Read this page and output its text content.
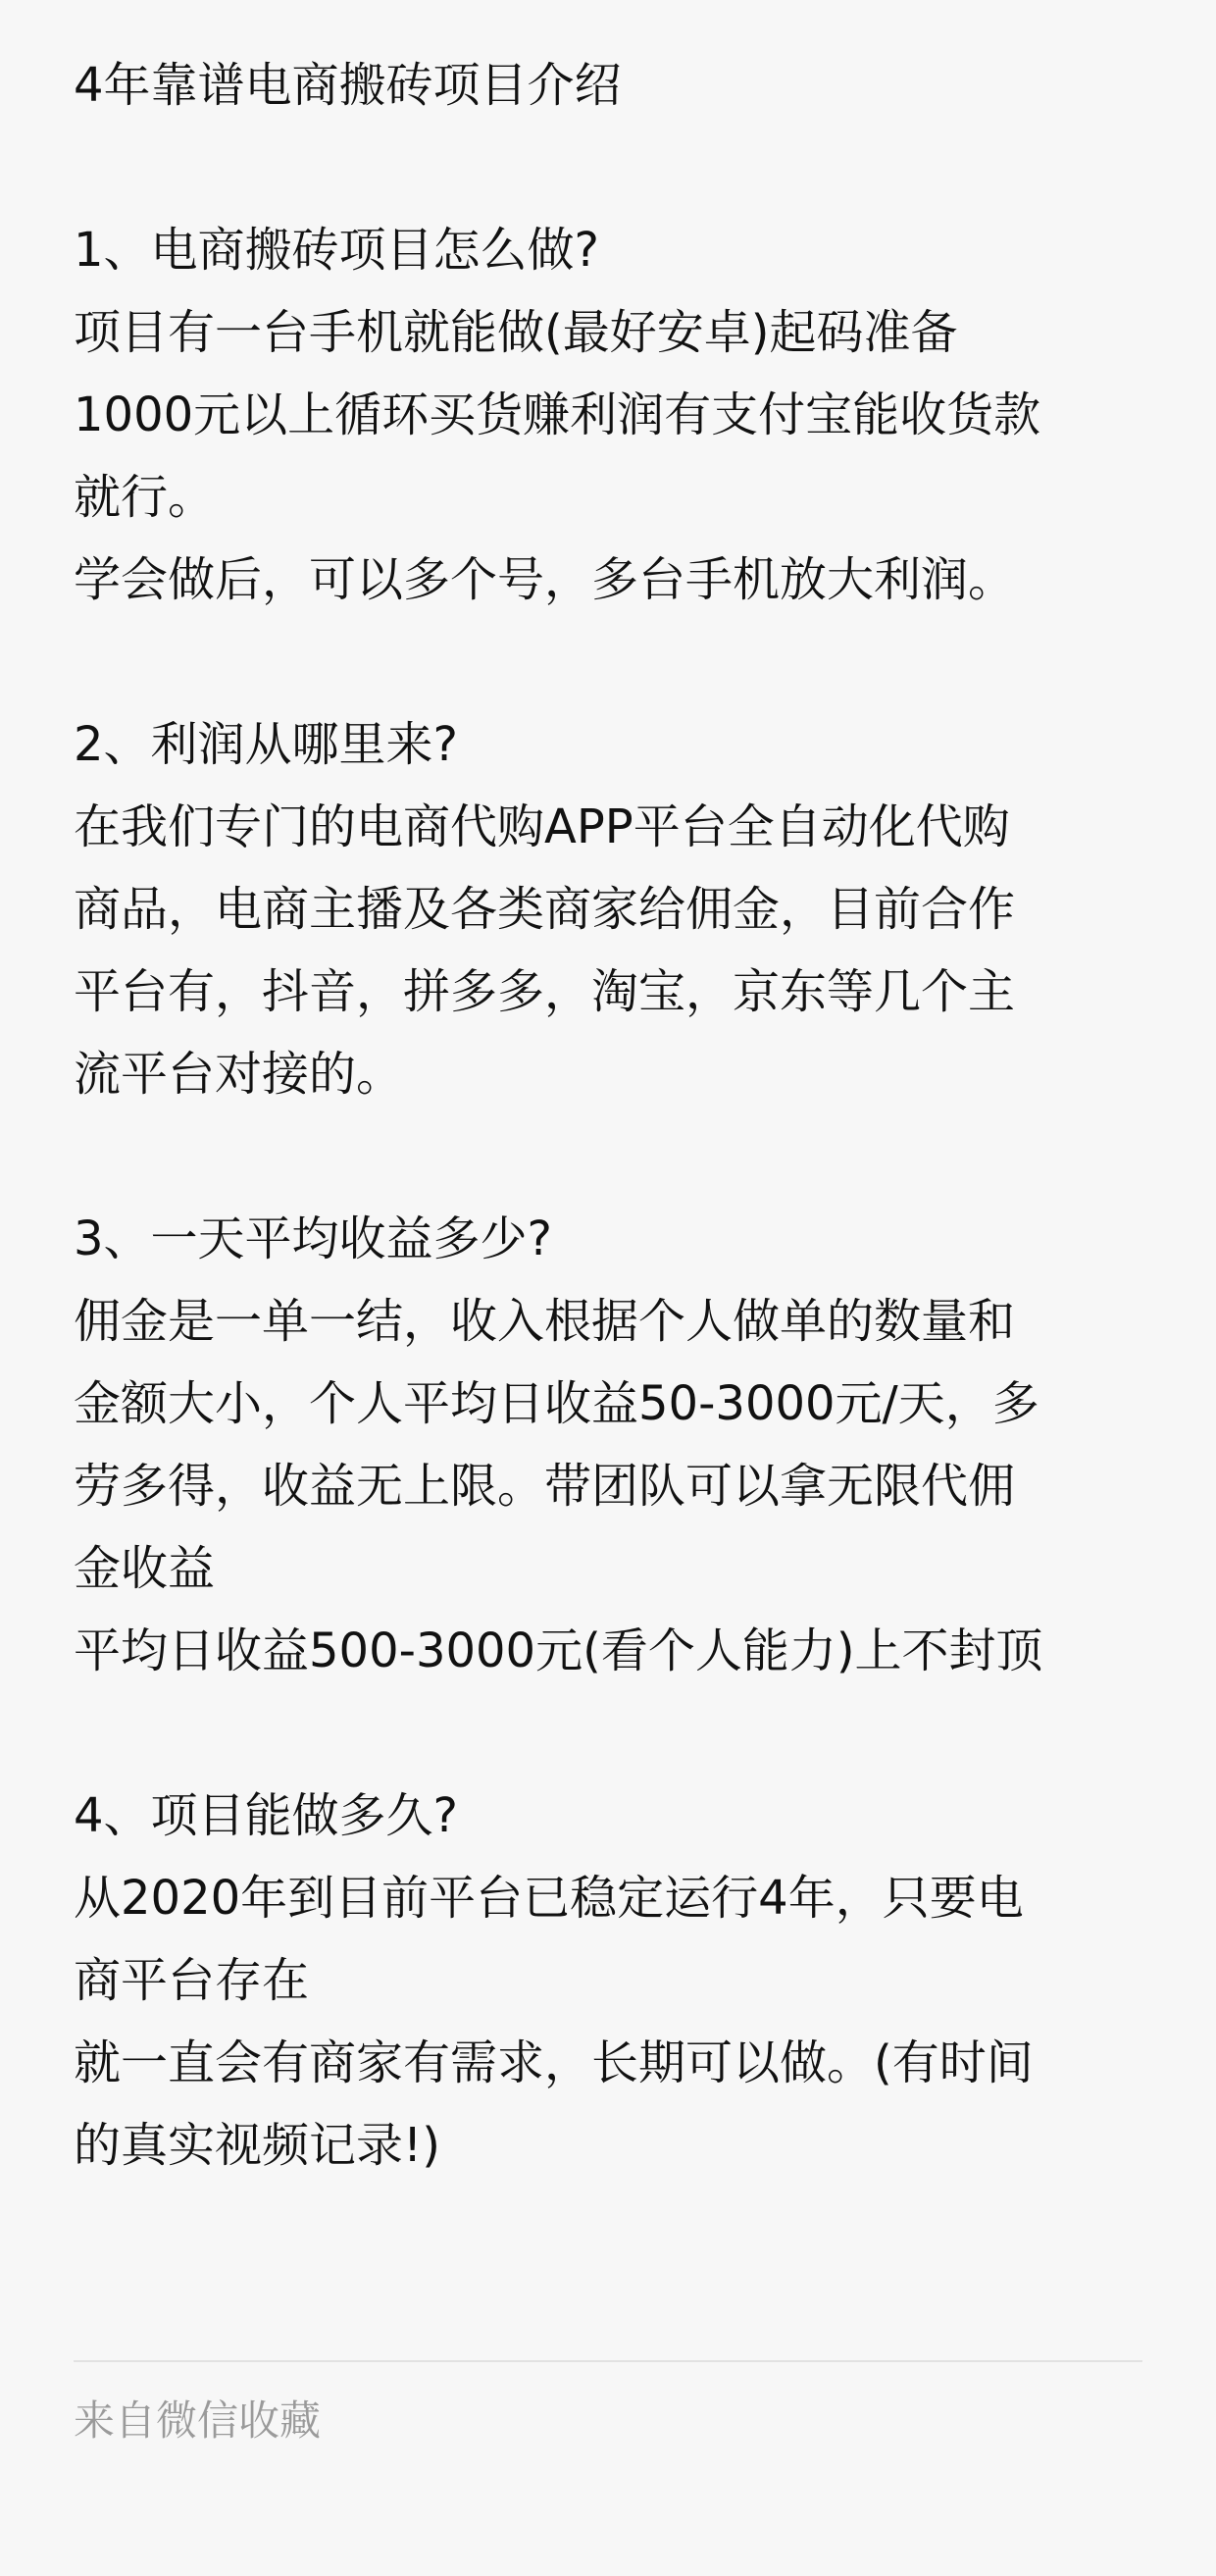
4年靠谱电商搬砖项目介绍
1、电商搬砖项目怎么做?
项目有一台手机就能做(最好安卓)起码准备
1000元以上循环买货赚利润有支付宝能收货款
就行。
学会做后，可以多个号，多台手机放大利润。
2、利润从哪里来?
在我们专门的电商代购APP平台全自动化代购
商品，电商主播及各类商家给佣金，目前合作
平台有，抖音，拼多多，淘宝，京东等几个主
流平台对接的。
3、一天平均收益多少?
佣金是一单一结，收入根据个人做单的数量和
金额大小，个人平均日收益50-3000元/天，多
劳多得，收益无上限。带团队可以拿无限代佣
金收益
平均日收益500-3000元(看个人能力)上不封顶
4、项目能做多久?
从2020年到目前平台已稳定运行4年，只要电
商平台存在
就一直会有商家有需求，长期可以做。(有时间
的真实视频记录!)
来自微信收藏
